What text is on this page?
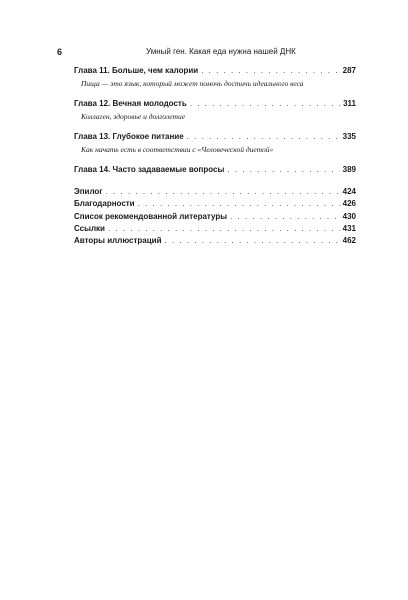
6	Умный ген. Какая еда нужна нашей ДНК
Глава 11. Больше, чем калории . . .	287
Пища — это язык, который может помочь достичь идеального веса
Глава 12. Вечная молодость . . .	311
Коллаген, здоровье и долголетие
Глава 13. Глубокое питание . . .	335
Как начать есть в соответствии с «Человеческой диетой»
Глава 14. Часто задаваемые вопросы . . .	389
Эпилог . . .	424
Благодарности . . .	426
Список рекомендованной литературы . . .	430
Ссылки . . .	431
Авторы иллюстраций . . .	462
